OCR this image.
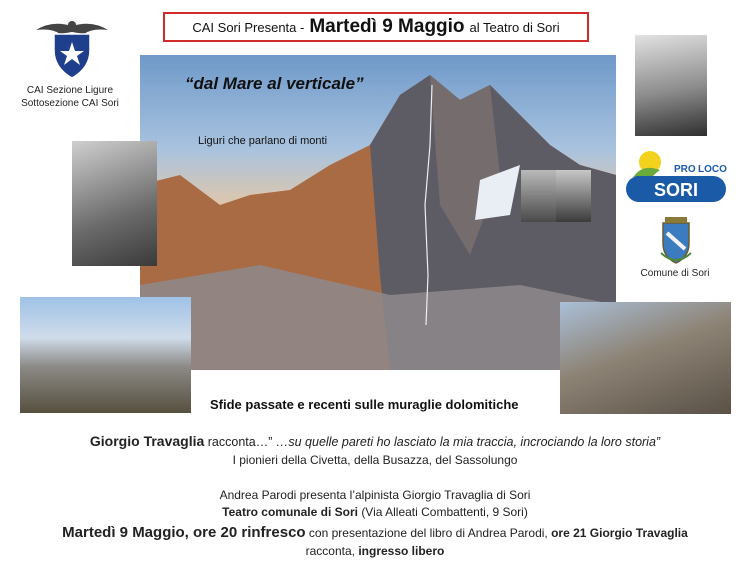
CAI Sori Presenta - Martedì 9 Maggio al Teatro di Sori
CAI Sezione Ligure
Sottosezione CAI Sori
“dal Mare al verticale”
Liguri che parlano di monti
PRO LOCO
SORI
Comune di Sori
Sfide passate e recenti sulle muraglie dolomitiche
Giorgio Travaglia racconta…” …su quelle pareti ho lasciato la mia traccia, incrociando la loro storia”
I pionieri della Civetta, della Busazza, del Sassolungo
Andrea Parodi presenta l’alpinista Giorgio Travaglia di Sori
Teatro comunale di Sori (Via Alleati Combattenti, 9 Sori)
Martedì 9 Maggio, ore 20 rinfresco con presentazione del libro di Andrea Parodi, ore 21 Giorgio Travaglia
racconta, ingresso libero
